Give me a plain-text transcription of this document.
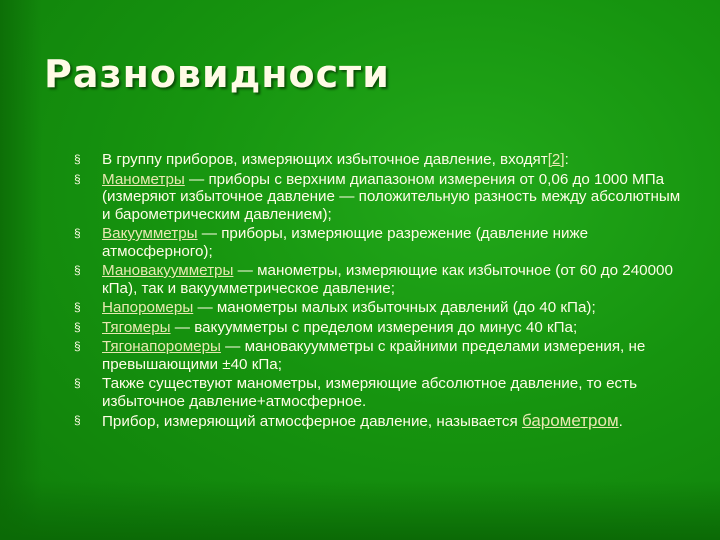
Разновидности
§	В группу приборов, измеряющих избыточное давление, входят[2]:
§	Манометры — приборы с верхним диапазоном измерения от 0,06 до 1000 МПа (измеряют избыточное давление — положительную разность между абсолютным и барометрическим давлением);
§	Вакуумметры — приборы, измеряющие разрежение (давление ниже атмосферного);
§	Мановакуумметры — манометры, измеряющие как избыточное (от 60 до 240000 кПа), так и вакуумметрическое давление;
§	Напоромеры — манометры малых избыточных давлений (до 40 кПа);
§	Тягомеры — вакуумметры с пределом измерения до минус 40 кПа;
§	Тягонапоромеры — мановакуумметры с крайними пределами измерения, не превышающими ±40 кПа;
§	Также существуют манометры, измеряющие абсолютное давление, то есть избыточное давление+атмосферное.
§	Прибор, измеряющий атмосферное давление, называется барометром.
